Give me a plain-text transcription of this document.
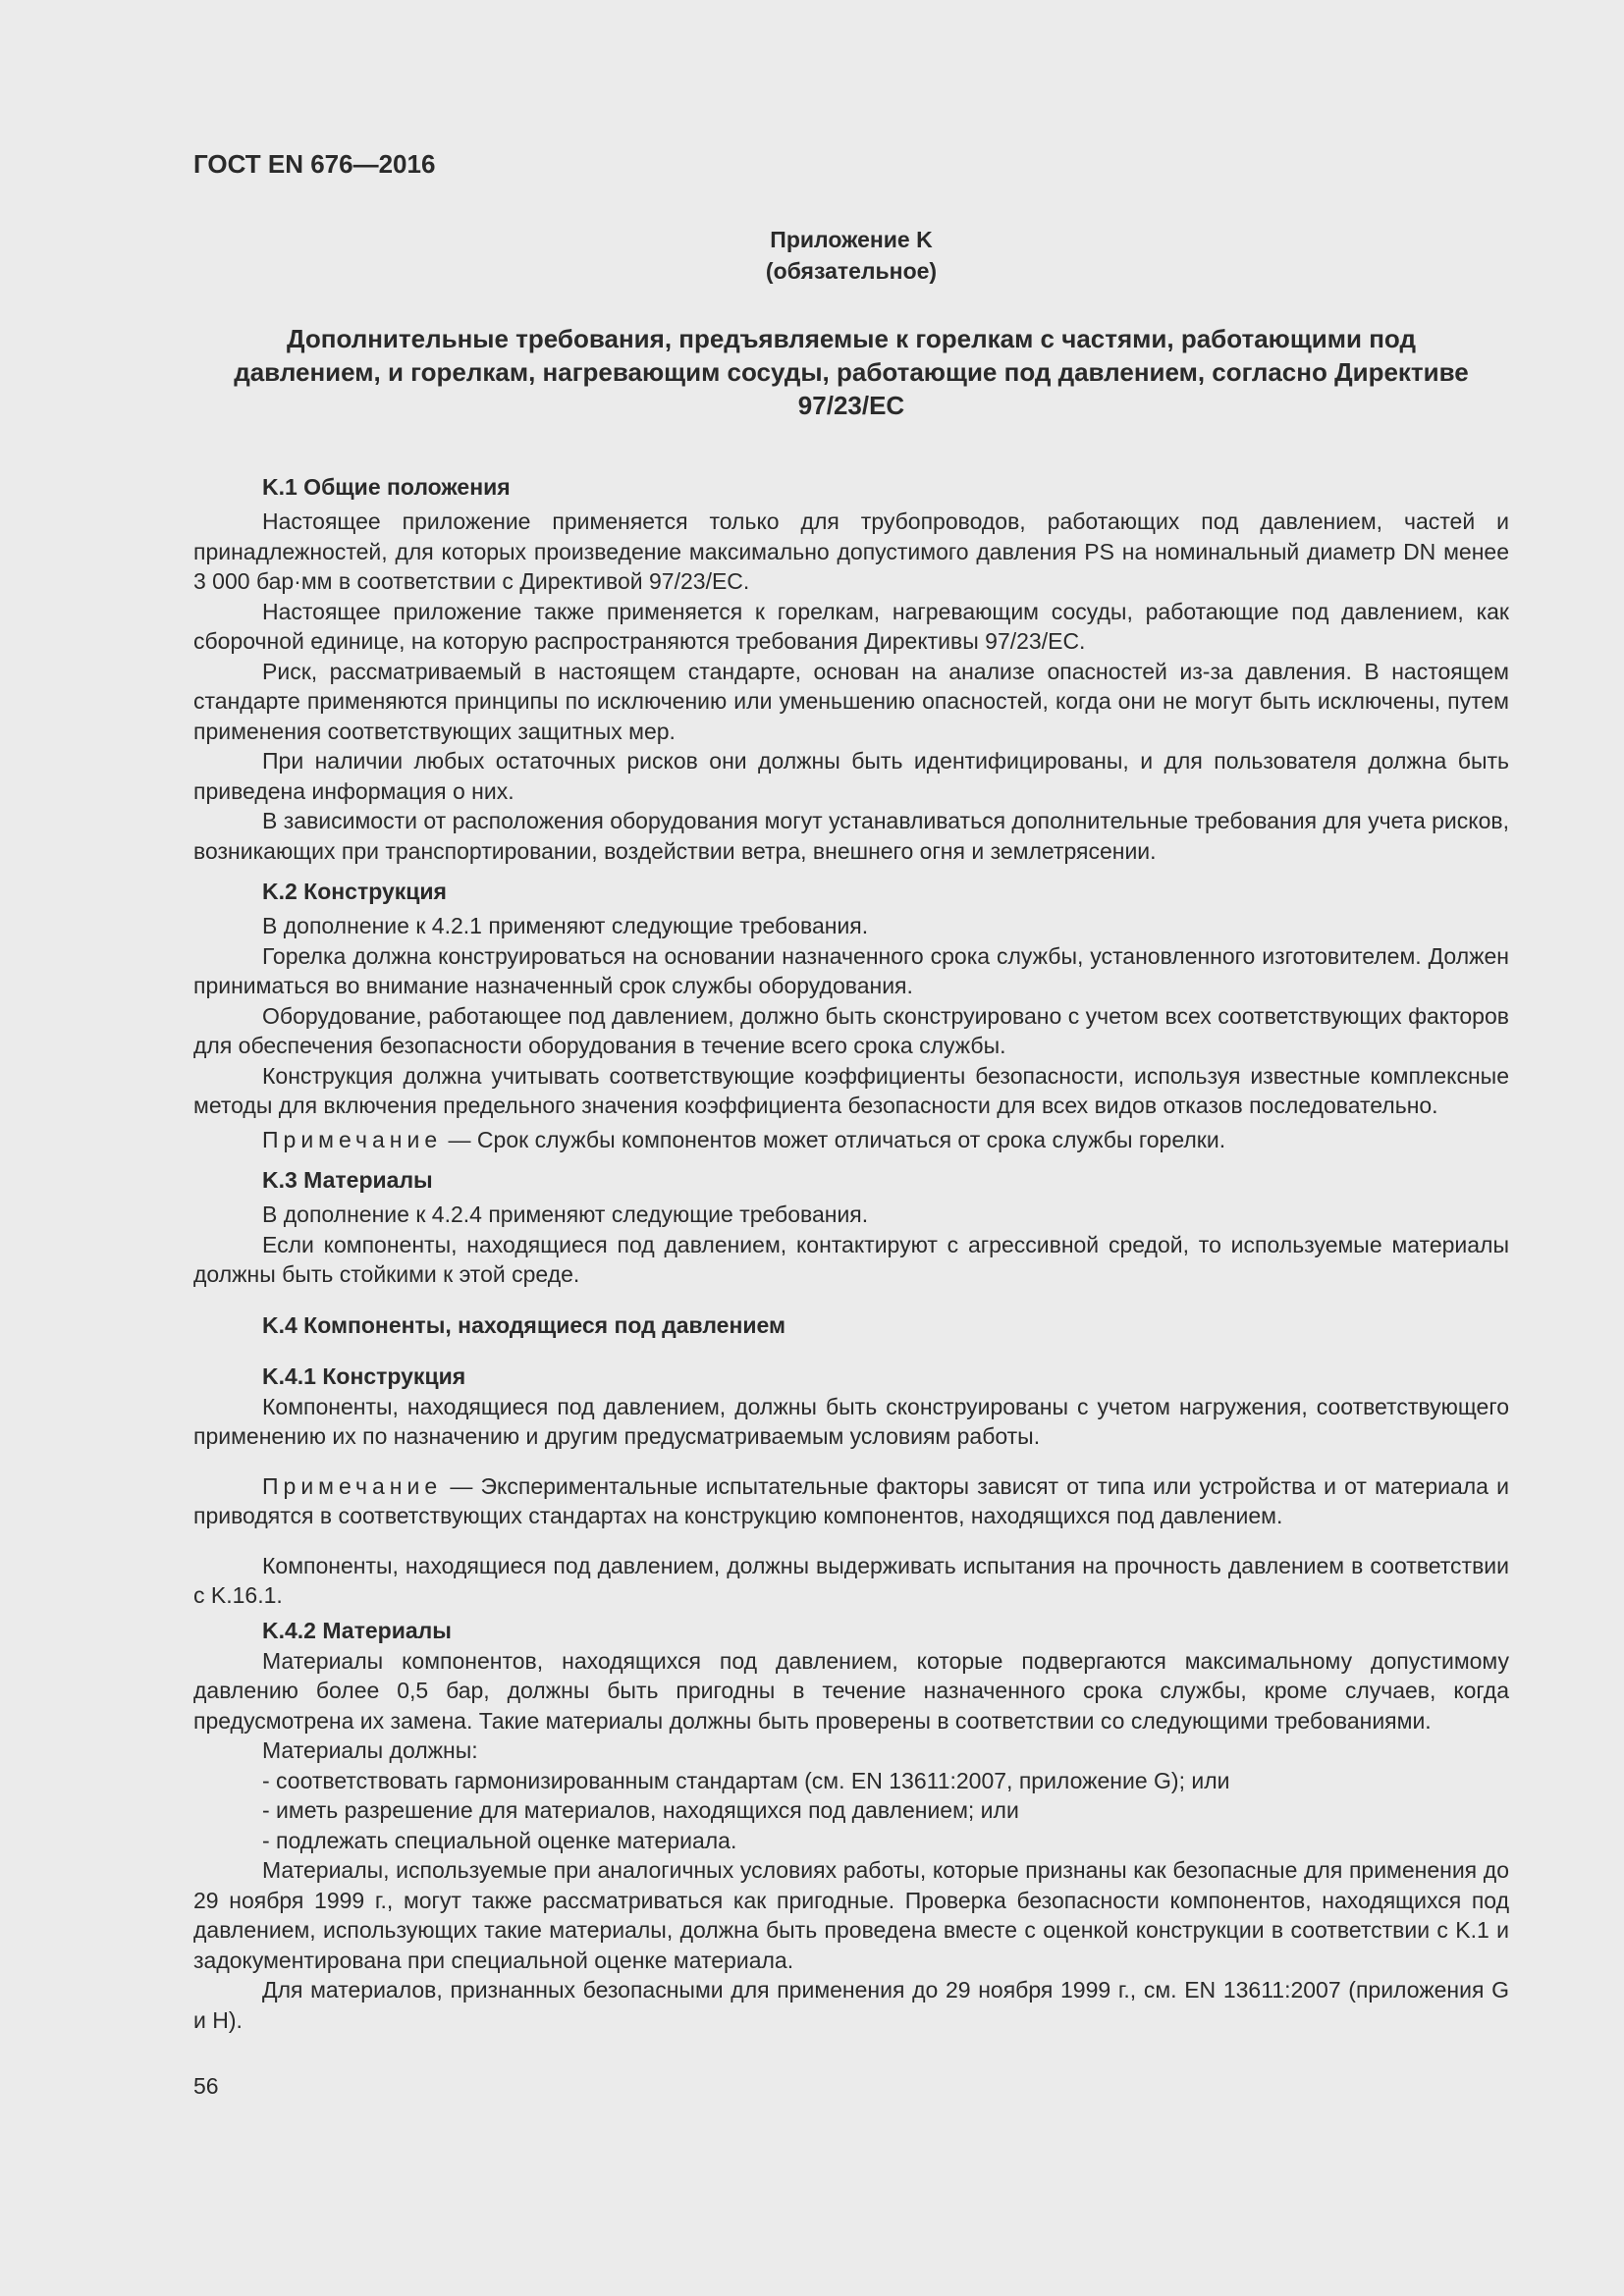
ГОСТ EN 676—2016
Приложение K
(обязательное)
Дополнительные требования, предъявляемые к горелкам с частями, работающими под давлением, и горелкам, нагревающим сосуды, работающие под давлением, согласно Директиве 97/23/EC
K.1 Общие положения

Настоящее приложение применяется только для трубопроводов, работающих под давлением, частей и принадлежностей, для которых произведение максимально допустимого давления PS на номинальный диаметр DN менее 3 000 бар·мм в соответствии с Директивой 97/23/EC.

Настоящее приложение также применяется к горелкам, нагревающим сосуды, работающие под давлением, как сборочной единице, на которую распространяются требования Директивы 97/23/EC.

Риск, рассматриваемый в настоящем стандарте, основан на анализе опасностей из-за давления. В настоящем стандарте применяются принципы по исключению или уменьшению опасностей, когда они не могут быть исключены, путем применения соответствующих защитных мер.

При наличии любых остаточных рисков они должны быть идентифицированы, и для пользователя должна быть приведена информация о них.

В зависимости от расположения оборудования могут устанавливаться дополнительные требования для учета рисков, возникающих при транспортировании, воздействии ветра, внешнего огня и землетрясении.

K.2 Конструкция

В дополнение к 4.2.1 применяют следующие требования.

Горелка должна конструироваться на основании назначенного срока службы, установленного изготовителем. Должен приниматься во внимание назначенный срок службы оборудования.

Оборудование, работающее под давлением, должно быть сконструировано с учетом всех соответствующих факторов для обеспечения безопасности оборудования в течение всего срока службы.

Конструкция должна учитывать соответствующие коэффициенты безопасности, используя известные комплексные методы для включения предельного значения коэффициента безопасности для всех видов отказов последовательно.

Примечание — Срок службы компонентов может отличаться от срока службы горелки.

K.3 Материалы

В дополнение к 4.2.4 применяют следующие требования.

Если компоненты, находящиеся под давлением, контактируют с агрессивной средой, то используемые материалы должны быть стойкими к этой среде.

K.4 Компоненты, находящиеся под давлением
K.4.1 Конструкция

Компоненты, находящиеся под давлением, должны быть сконструированы с учетом нагружения, соответствующего применению их по назначению и другим предусматриваемым условиям работы.

Примечание — Экспериментальные испытательные факторы зависят от типа или устройства и от материала и приводятся в соответствующих стандартах на конструкцию компонентов, находящихся под давлением.

Компоненты, находящиеся под давлением, должны выдерживать испытания на прочность давлением в соответствии с K.16.1.

K.4.2 Материалы

Материалы компонентов, находящихся под давлением, которые подвергаются максимальному допустимому давлению более 0,5 бар, должны быть пригодны в течение назначенного срока службы, кроме случаев, когда предусмотрена их замена. Такие материалы должны быть проверены в соответствии со следующими требованиями.

Материалы должны:

- соответствовать гармонизированным стандартам (см. EN 13611:2007, приложение G); или
- иметь разрешение для материалов, находящихся под давлением; или
- подлежать специальной оценке материала.

Материалы, используемые при аналогичных условиях работы, которые признаны как безопасные для применения до 29 ноября 1999 г., могут также рассматриваться как пригодные. Проверка безопасности компонентов, находящихся под давлением, использующих такие материалы, должна быть проведена вместе с оценкой конструкции в соответствии с K.1 и задокументирована при специальной оценке материала.

Для материалов, признанных безопасными для применения до 29 ноября 1999 г., см. EN 13611:2007 (приложения G и H).

56
